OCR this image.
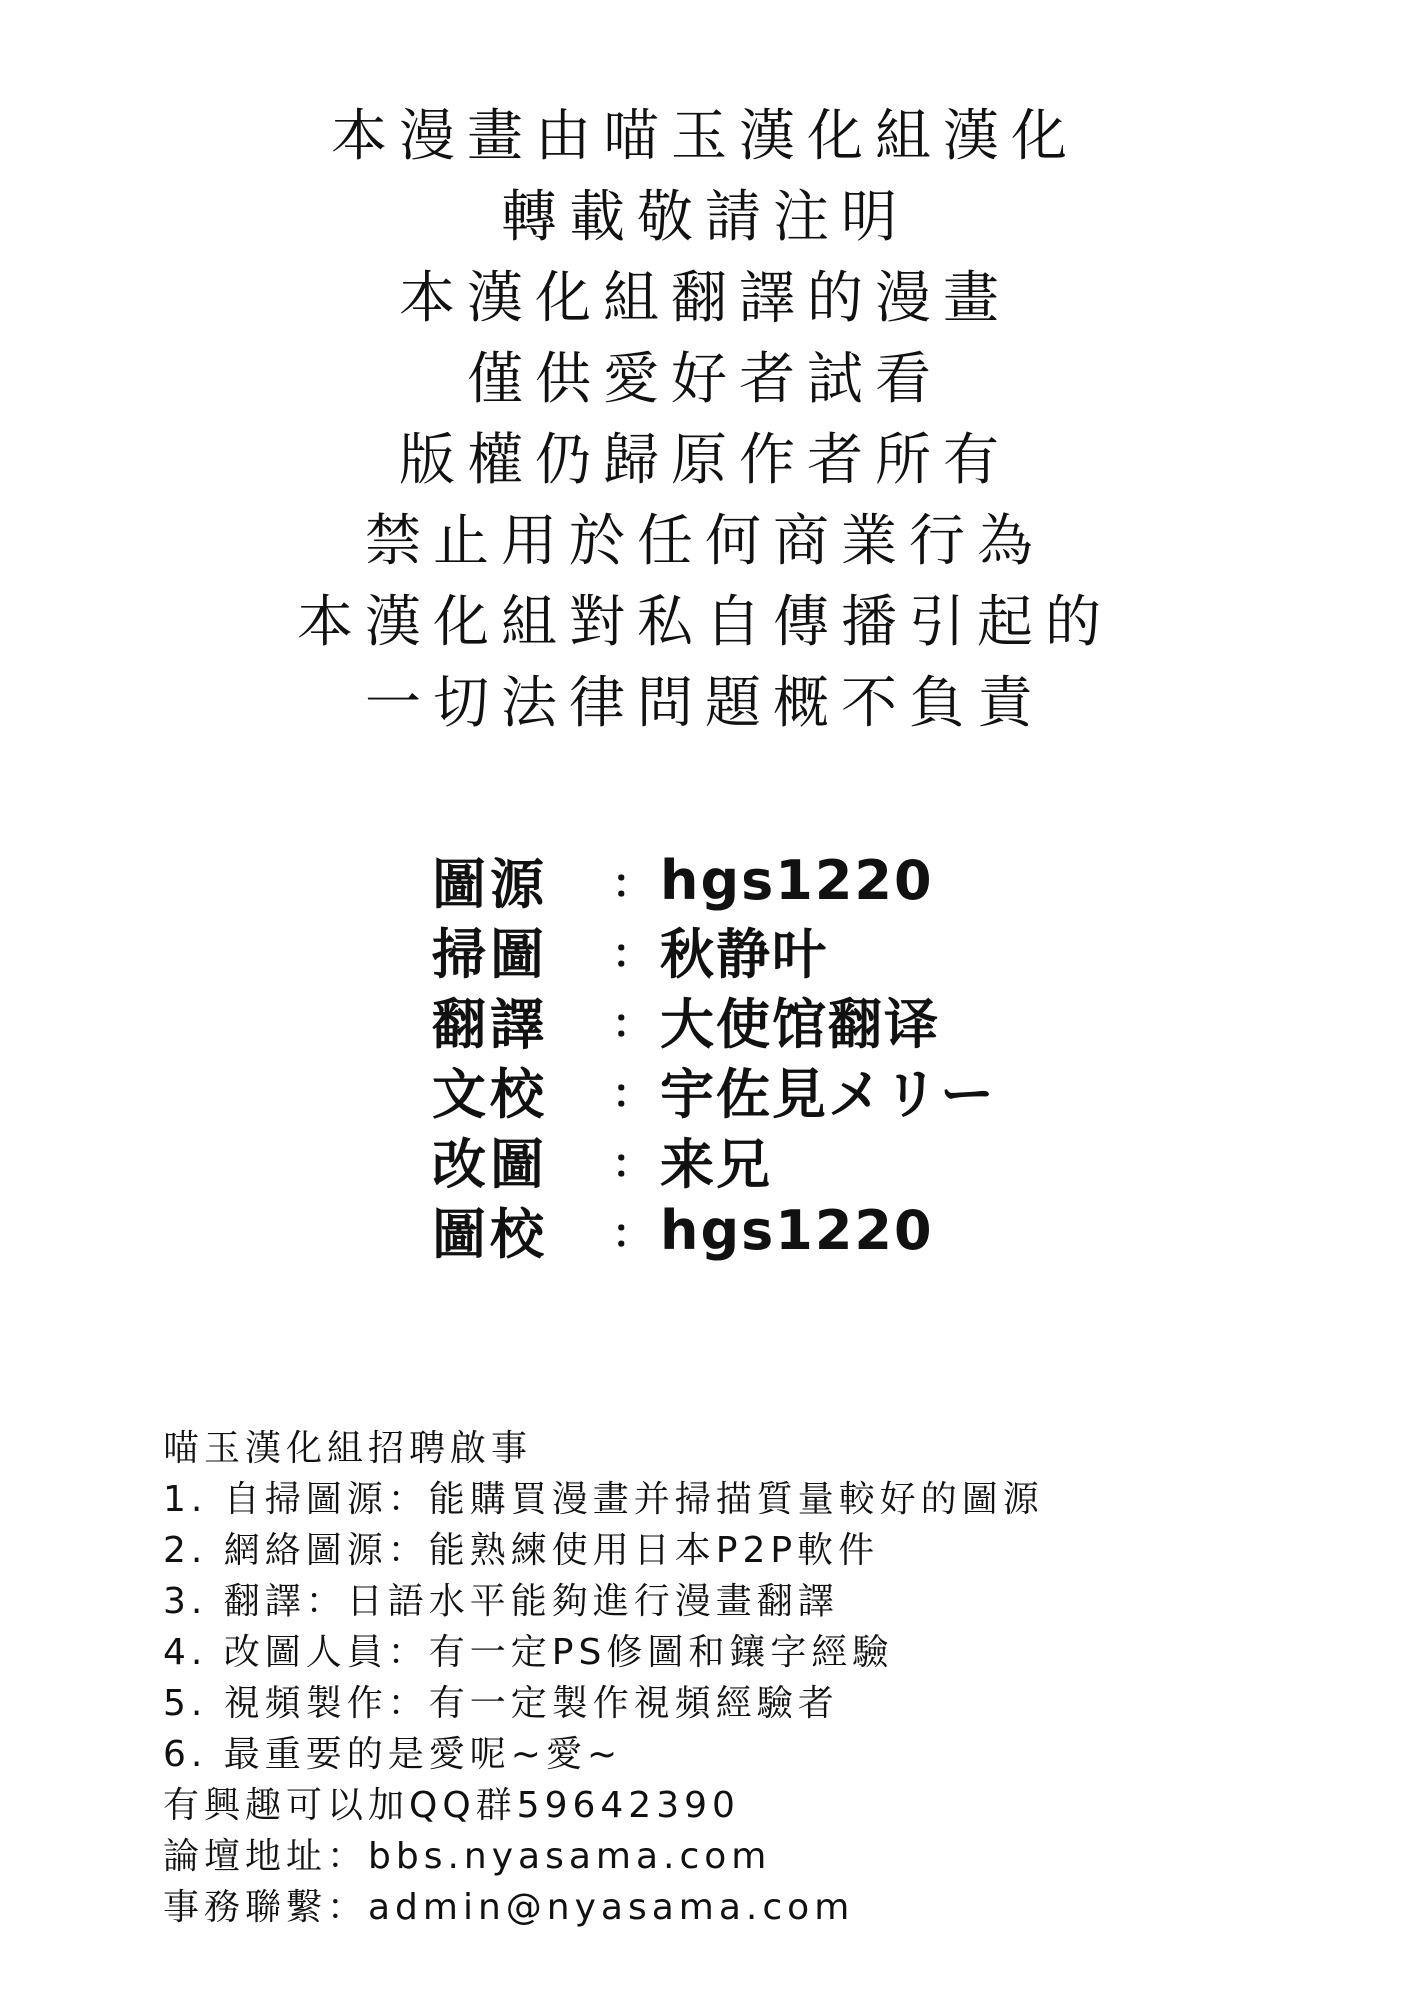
本漫畫由喵玉漢化組漢化
轉載敬請注明
本漢化組翻譯的漫畫
僅供愛好者試看
版權仍歸原作者所有
禁止用於任何商業行為
本漢化組對私自傳播引起的
一切法律問題概不負責
圖源	： hgs1220
掃圖	： 秋静叶
翻譯	： 大使馆翻译
文校	： 宇佐見メリー
改圖	： 来兄
圖校	： hgs1220
喵玉漢化組招聘啟事
1. 自掃圖源：能購買漫畫并掃描質量較好的圖源
2. 網絡圖源：能熟練使用日本P2P軟件
3. 翻譯：日語水平能夠進行漫畫翻譯
4. 改圖人員：有一定PS修圖和鑲字經驗
5. 視頻製作：有一定製作視頻經驗者
6. 最重要的是愛呢~愛~
有興趣可以加QQ群59642390
論壇地址：bbs.nyasama.com
事務聯繫：admin@nyasama.com
